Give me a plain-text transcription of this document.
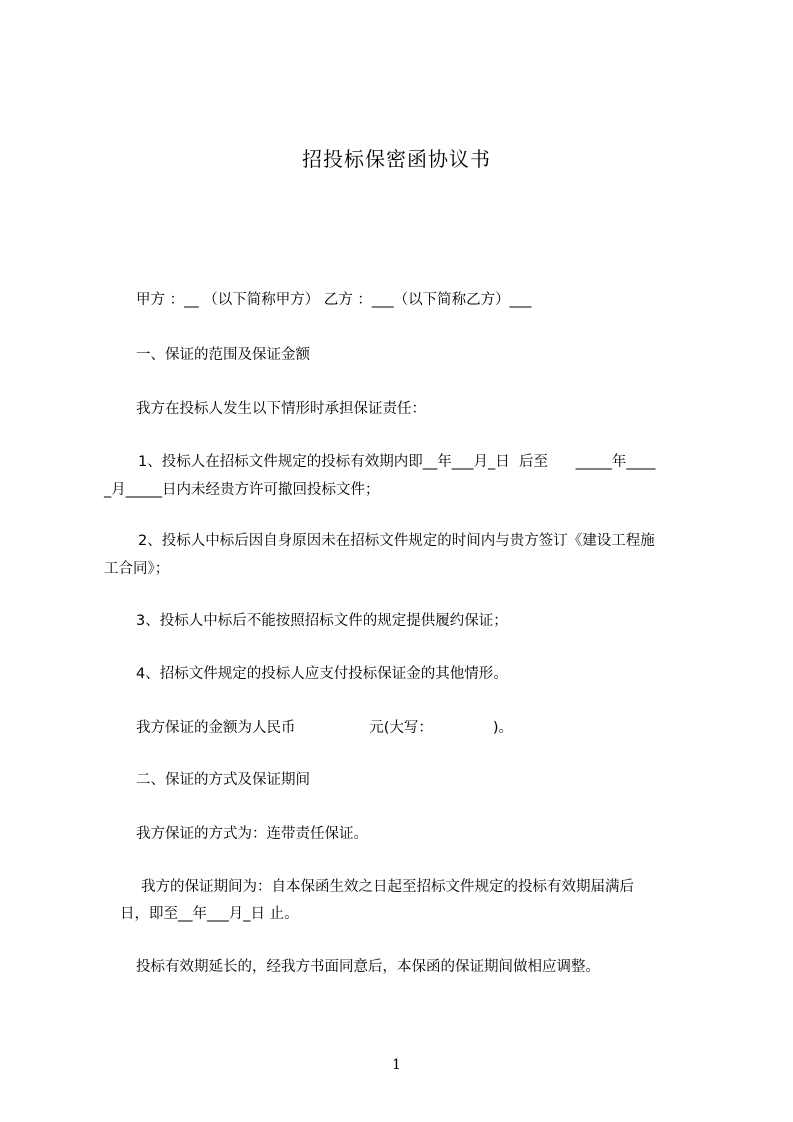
招投标保密函协议书
甲方 ：__ （以下简称甲方） 乙方 ：___（以下简称乙方）___
一、保证的范围及保证金额
我方在投标人发生以下情形时承担保证责任：
1、投标人在招标文件规定的投标有效期内即__年___月_日  后至      _____年____
_月_____日内未经贵方许可撤回投标文件；
2、投标人中标后因自身原因未在招标文件规定的时间内与贵方签订《建设工程施
工合同》；
3、投标人中标后不能按照招标文件的规定提供履约保证；
4、招标文件规定的投标人应支付投标保证金的其他情形。
我方保证的金额为人民币                元(大写：             )。
二、保证的方式及保证期间
我方保证的方式为：连带责任保证。
我方的保证期间为：自本保函生效之日起至招标文件规定的投标有效期届满后
日，即至__年___月_日 止。
投标有效期延长的，经我方书面同意后，本保函的保证期间做相应调整。
1
